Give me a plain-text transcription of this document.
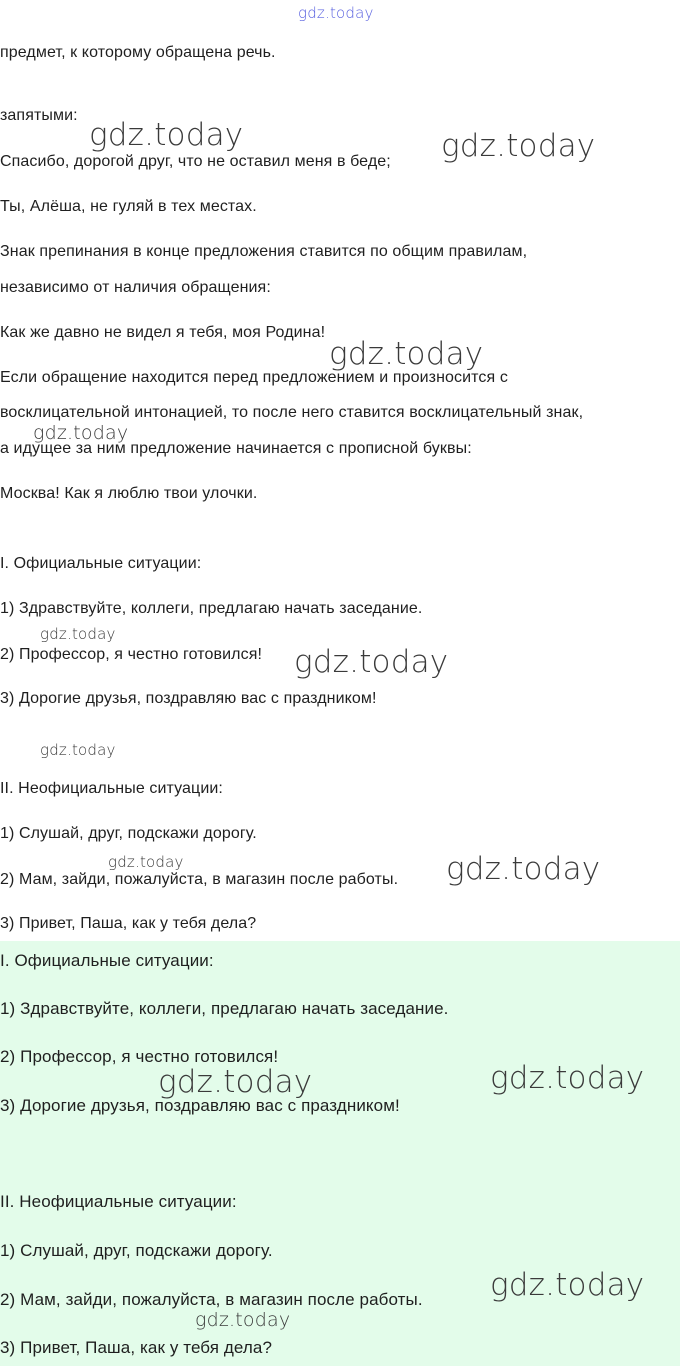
gdz.today
предмет, к которому обращена речь.
запятыми:
Спасибо, дорогой друг, что не оставил меня в беде;
Ты, Алёша, не гуляй в тех местах.
Знак препинания в конце предложения ставится по общим правилам,
независимо от наличия обращения:
Как же давно не видел я тебя, моя Родина!
Если обращение находится перед предложением и произносится с
восклицательной интонацией, то после него ставится восклицательный знак,
а идущее за ним предложение начинается с прописной буквы:
Москва! Как я люблю твои улочки.
I. Официальные ситуации:
1) Здравствуйте, коллеги, предлагаю начать заседание.
2) Профессор, я честно готовился!
3) Дорогие друзья, поздравляю вас с праздником!
II. Неофициальные ситуации:
1) Слушай, друг, подскажи дорогу.
2) Мам, зайди, пожалуйста, в магазин после работы.
3) Привет, Паша, как у тебя дела?
I. Официальные ситуации:
1) Здравствуйте, коллеги, предлагаю начать заседание.
2) Профессор, я честно готовился!
3) Дорогие друзья, поздравляю вас с праздником!
II. Неофициальные ситуации:
1) Слушай, друг, подскажи дорогу.
2) Мам, зайди, пожалуйста, в магазин после работы.
3) Привет, Паша, как у тебя дела?
gdz.today	gdz.today
gdz.today
gdz.today
gdz.today
gdz.today
gdz.today
gdz.today	gdz.today
gdz.today
gdz.today
gdz.today
gdz.today
